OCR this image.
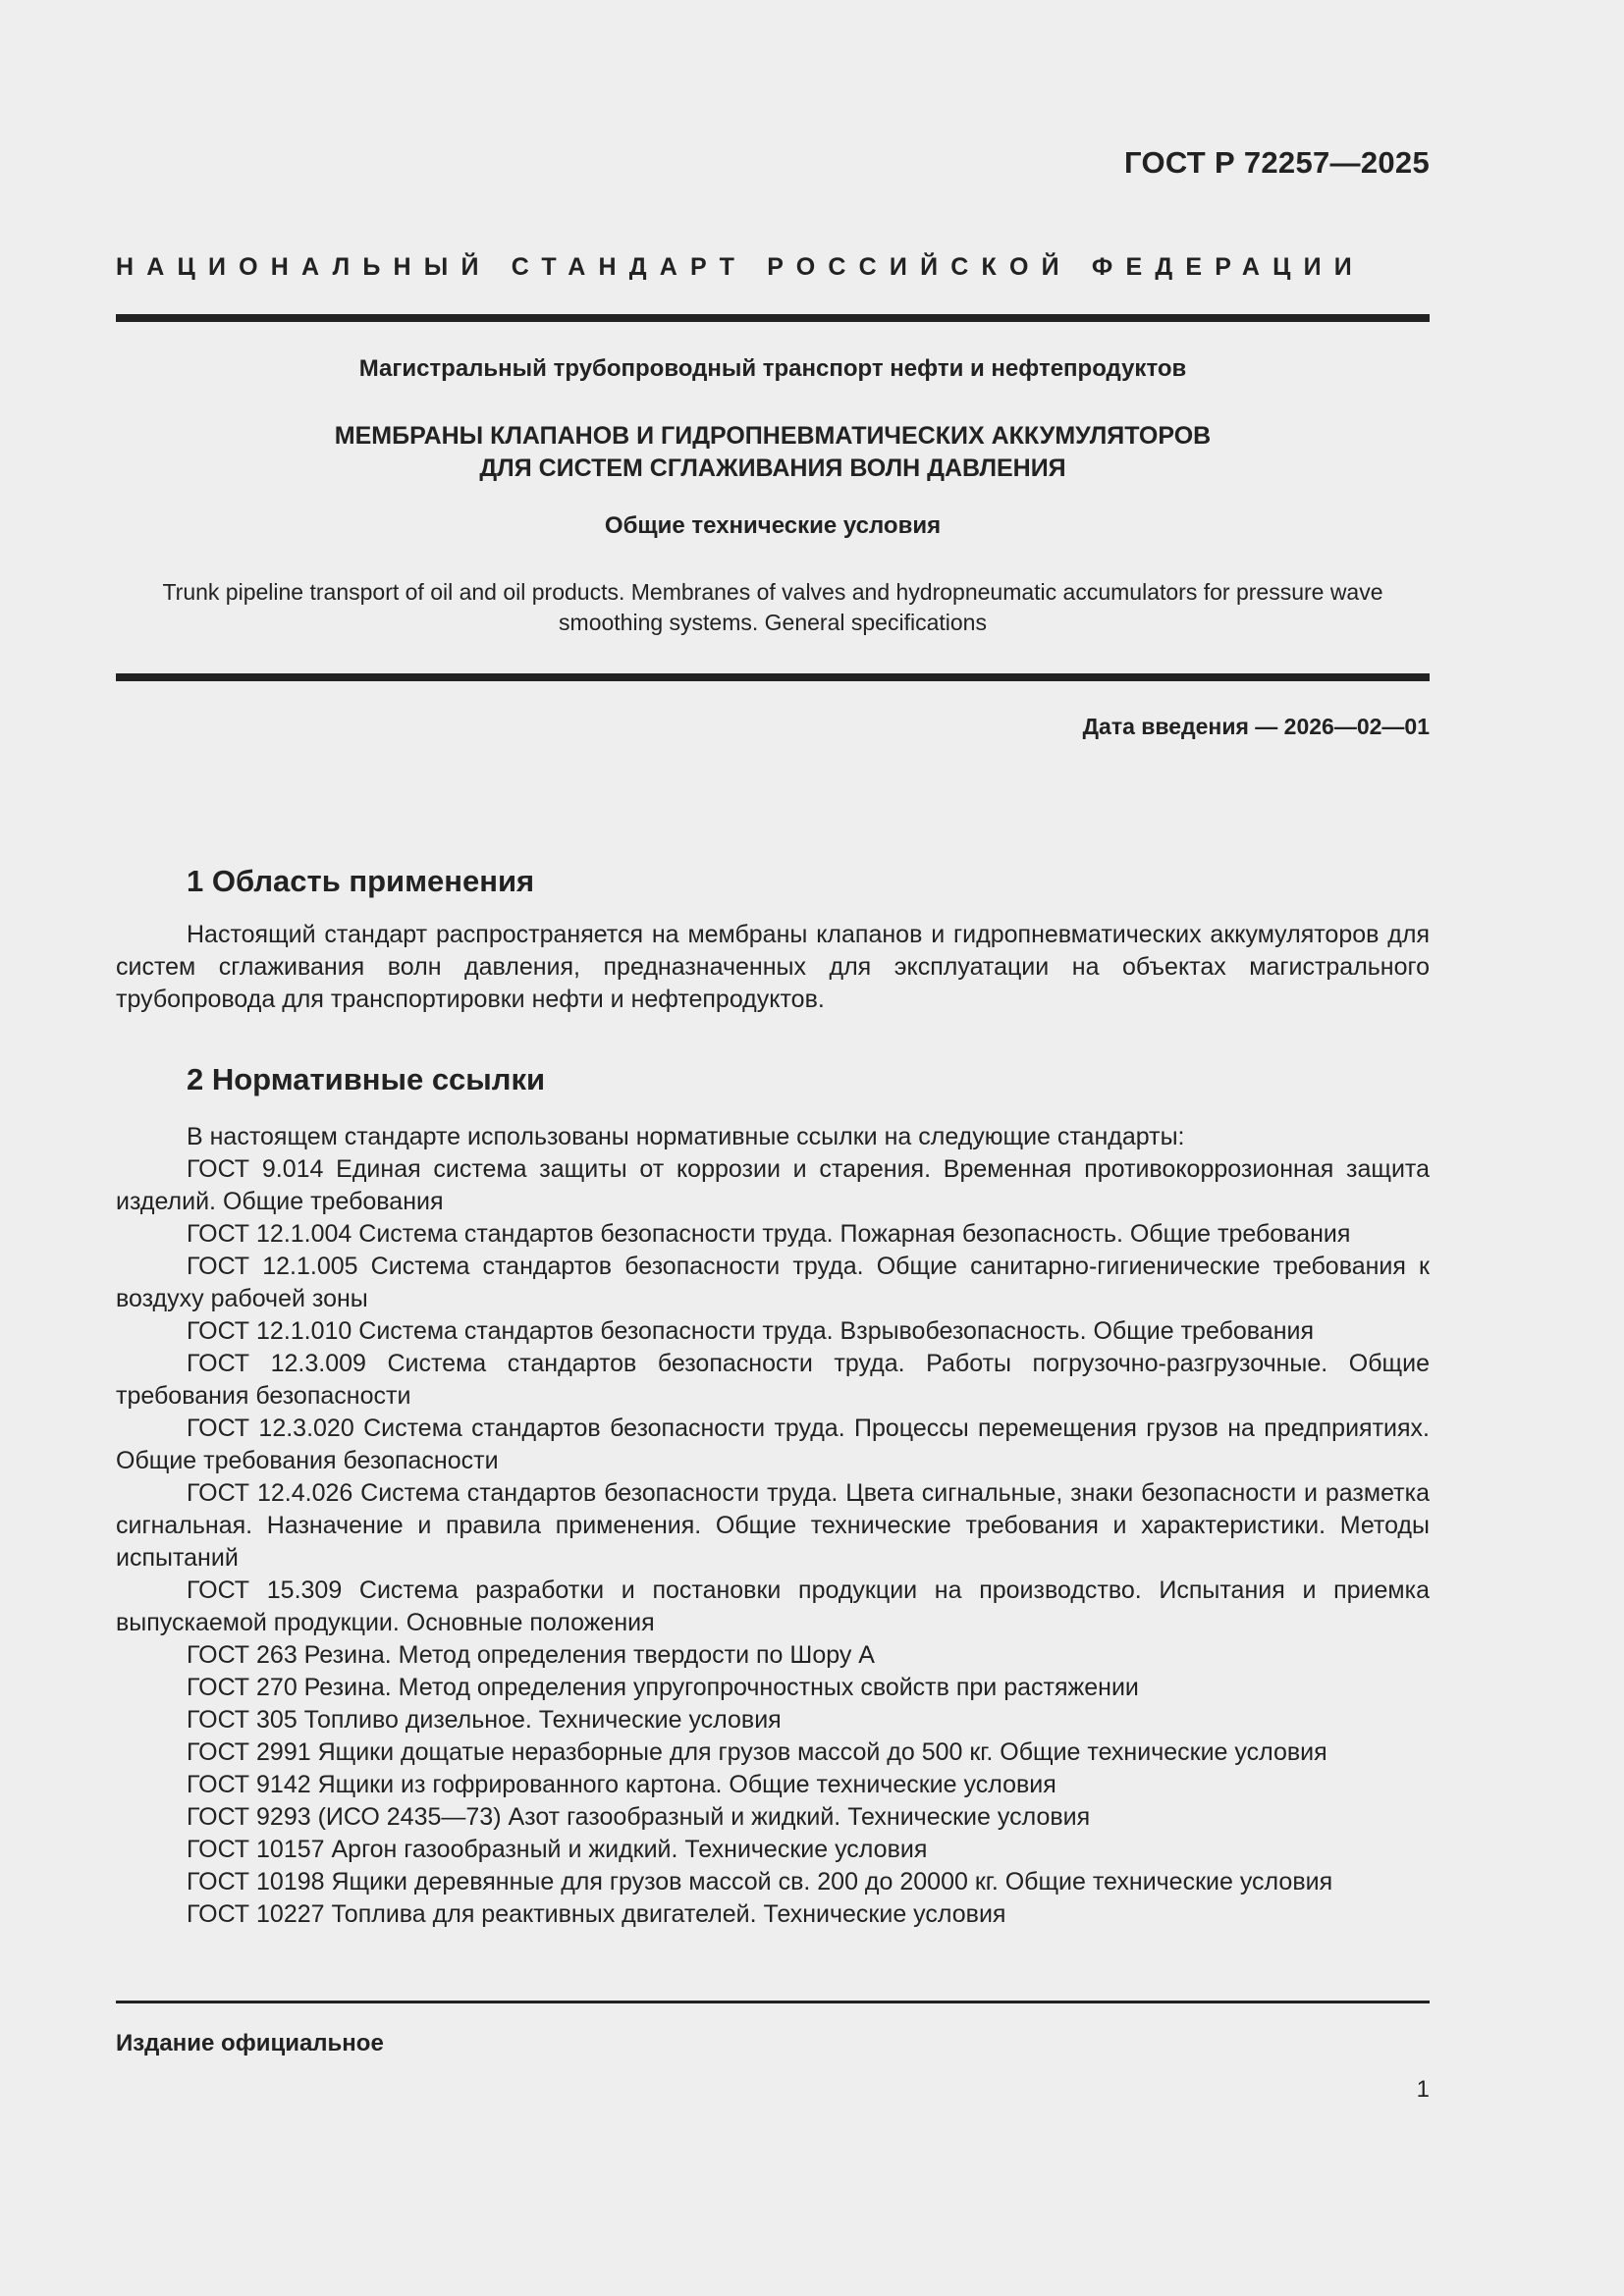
ГОСТ Р 72257—2025
НАЦИОНАЛЬНЫЙ СТАНДАРТ РОССИЙСКОЙ ФЕДЕРАЦИИ
Магистральный трубопроводный транспорт нефти и нефтепродуктов
МЕМБРАНЫ КЛАПАНОВ И ГИДРОПНЕВМАТИЧЕСКИХ АККУМУЛЯТОРОВ
ДЛЯ СИСТЕМ СГЛАЖИВАНИЯ ВОЛН ДАВЛЕНИЯ
Общие технические условия
Trunk pipeline transport of oil and oil products. Membranes of valves and hydropneumatic accumulators for pressure wave smoothing systems. General specifications
Дата введения — 2026—02—01
1 Область применения
Настоящий стандарт распространяется на мембраны клапанов и гидропневматических аккумуляторов для систем сглаживания волн давления, предназначенных для эксплуатации на объектах магистрального трубопровода для транспортировки нефти и нефтепродуктов.
2 Нормативные ссылки
В настоящем стандарте использованы нормативные ссылки на следующие стандарты:
ГОСТ 9.014 Единая система защиты от коррозии и старения. Временная противокоррозионная защита изделий. Общие требования
ГОСТ 12.1.004 Система стандартов безопасности труда. Пожарная безопасность. Общие требования
ГОСТ 12.1.005 Система стандартов безопасности труда. Общие санитарно-гигиенические требования к воздуху рабочей зоны
ГОСТ 12.1.010 Система стандартов безопасности труда. Взрывобезопасность. Общие требования
ГОСТ 12.3.009 Система стандартов безопасности труда. Работы погрузочно-разгрузочные. Общие требования безопасности
ГОСТ 12.3.020 Система стандартов безопасности труда. Процессы перемещения грузов на предприятиях. Общие требования безопасности
ГОСТ 12.4.026 Система стандартов безопасности труда. Цвета сигнальные, знаки безопасности и разметка сигнальная. Назначение и правила применения. Общие технические требования и характеристики. Методы испытаний
ГОСТ 15.309 Система разработки и постановки продукции на производство. Испытания и приемка выпускаемой продукции. Основные положения
ГОСТ 263 Резина. Метод определения твердости по Шору А
ГОСТ 270 Резина. Метод определения упругопрочностных свойств при растяжении
ГОСТ 305 Топливо дизельное. Технические условия
ГОСТ 2991 Ящики дощатые неразборные для грузов массой до 500 кг. Общие технические условия
ГОСТ 9142 Ящики из гофрированного картона. Общие технические условия
ГОСТ 9293 (ИСО 2435—73) Азот газообразный и жидкий. Технические условия
ГОСТ 10157 Аргон газообразный и жидкий. Технические условия
ГОСТ 10198 Ящики деревянные для грузов массой св. 200 до 20000 кг. Общие технические условия
ГОСТ 10227 Топлива для реактивных двигателей. Технические условия
Издание официальное
1
